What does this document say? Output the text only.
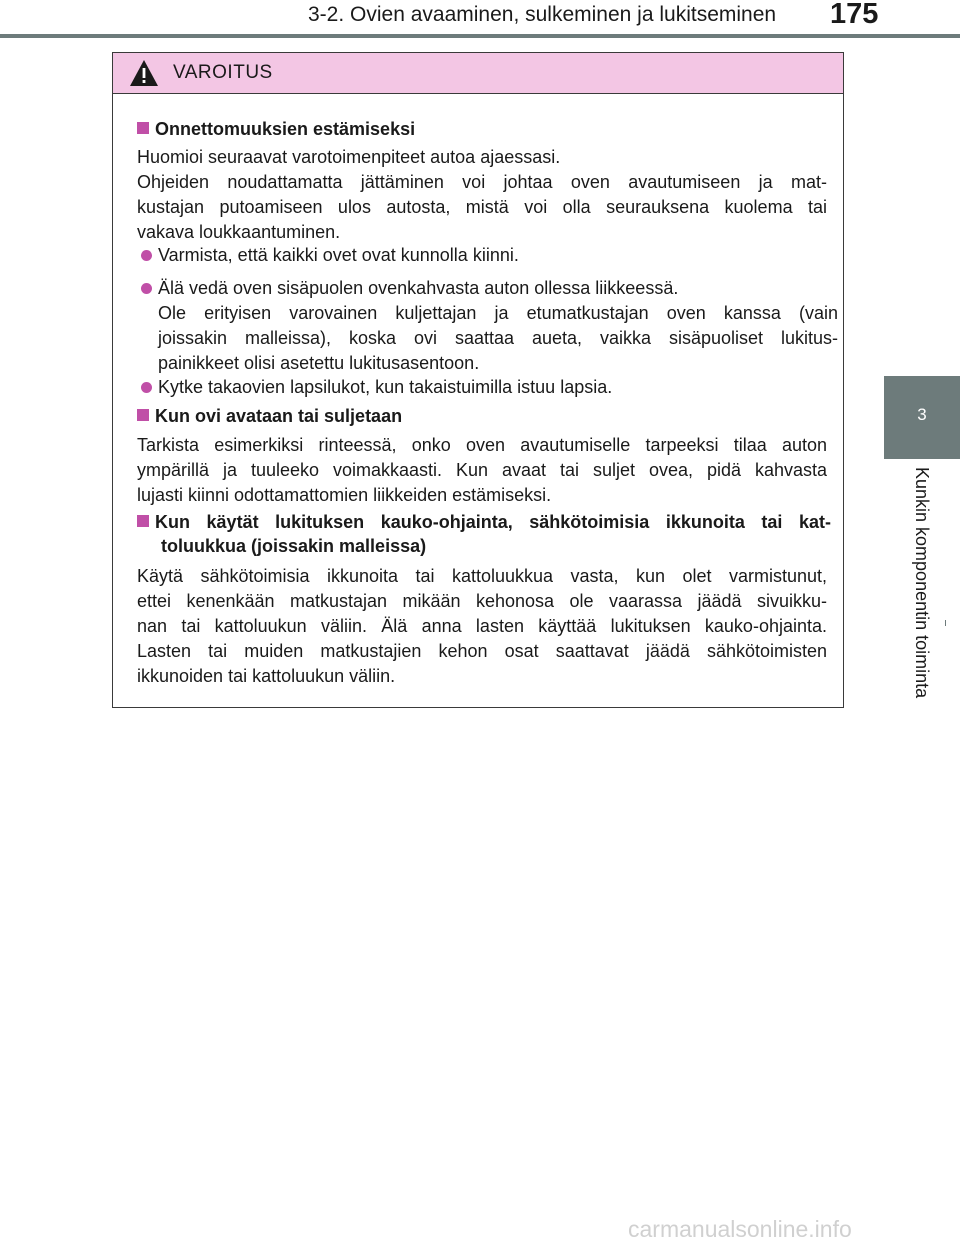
3-2. Ovien avaaminen, sulkeminen ja lukitseminen 175
3
Kunkin komponentin toiminta
VAROITUS
Onnettomuuksien estämiseksi
Huomioi seuraavat varotoimenpiteet autoa ajaessasi.
Ohjeiden noudattamatta jättäminen voi johtaa oven avautumiseen ja mat-
kustajan putoamiseen ulos autosta, mistä voi olla seurauksena kuolema tai
vakava loukkaantuminen.
Varmista, että kaikki ovet ovat kunnolla kiinni.
Älä vedä oven sisäpuolen ovenkahvasta auton ollessa liikkeessä.
Ole erityisen varovainen kuljettajan ja etumatkustajan oven kanssa (vain
joissakin malleissa), koska ovi saattaa aueta, vaikka sisäpuoliset lukitus-
painikkeet olisi asetettu lukitusasentoon.
Kytke takaovien lapsilukot, kun takaistuimilla istuu lapsia.
Kun ovi avataan tai suljetaan
Tarkista esimerkiksi rinteessä, onko oven avautumiselle tarpeeksi tilaa auton
ympärillä ja tuuleeko voimakkaasti. Kun avaat tai suljet ovea, pidä kahvasta
lujasti kiinni odottamattomien liikkeiden estämiseksi.
Kun käytät lukituksen kauko-ohjainta, sähkötoimisia ikkunoita tai kat-
toluukkua (joissakin malleissa)
Käytä sähkötoimisia ikkunoita tai kattoluukkua vasta, kun olet varmistunut,
ettei kenenkään matkustajan mikään kehonosa ole vaarassa jäädä sivuikku-
nan tai kattoluukun väliin. Älä anna lasten käyttää lukituksen kauko-ohjainta.
Lasten tai muiden matkustajien kehon osat saattavat jäädä sähkötoimisten
ikkunoiden tai kattoluukun väliin.
carmanualsonline.info
